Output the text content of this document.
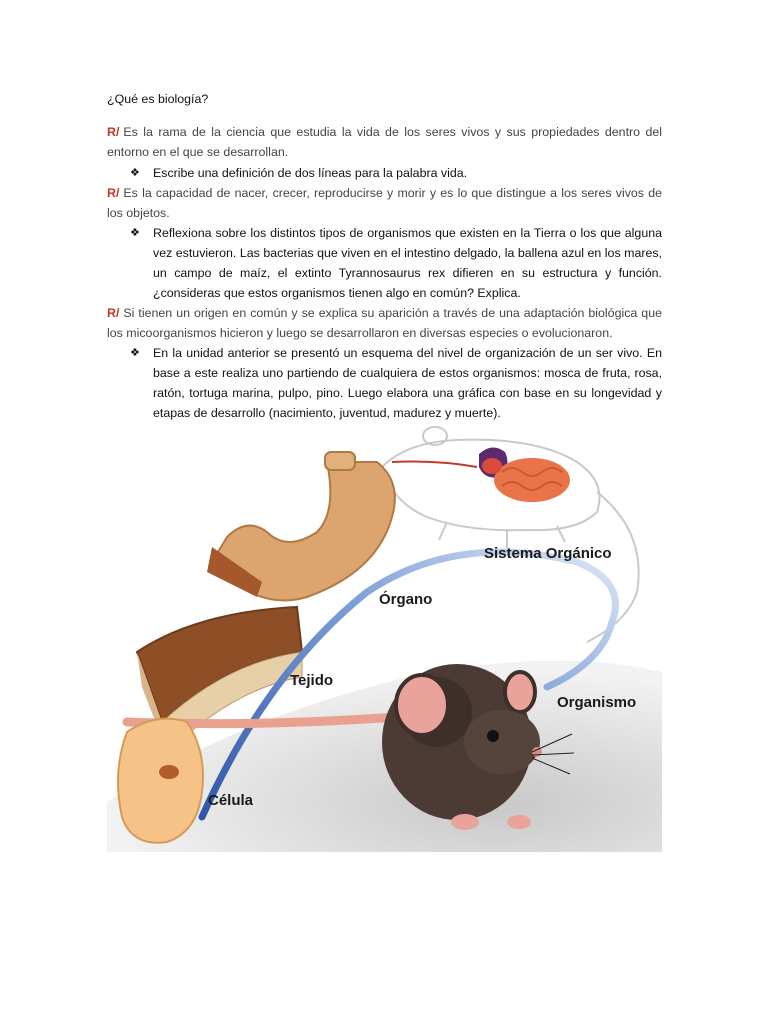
¿Qué es biología?
R/ Es la rama de la ciencia que estudia la vida de los seres vivos y sus propiedades dentro del entorno en el que se desarrollan.
❖ Escribe una definición de dos líneas para la palabra vida.
R/ Es la capacidad de nacer, crecer, reproducirse y morir y es lo que distingue a los seres vivos de los objetos.
❖ Reflexiona sobre los distintos tipos de organismos que existen en la Tierra o los que alguna vez estuvieron. Las bacterias que viven en el intestino delgado, la ballena azul en los mares, un campo de maíz, el extinto Tyrannosaurus rex difieren en su estructura y función. ¿consideras que estos organismos tienen algo en común? Explica.
R/ Si tienen un origen en común y se explica su aparición a través de una adaptación biológica que los micoorganismos hicieron y luego se desarrollaron en diversas especies o evolucionaron.
❖ En la unidad anterior se presentó un esquema del nivel de organización de un ser vivo. En base a este realiza uno partiendo de cualquiera de estos organismos: mosca de fruta, rosa, ratón, tortuga marina, pulpo, pino. Luego elabora una gráfica con base en su longevidad y etapas de desarrollo (nacimiento, juventud, madurez y muerte).
Célula
Tejido
Órgano
Sistema Orgánico
Organismo
